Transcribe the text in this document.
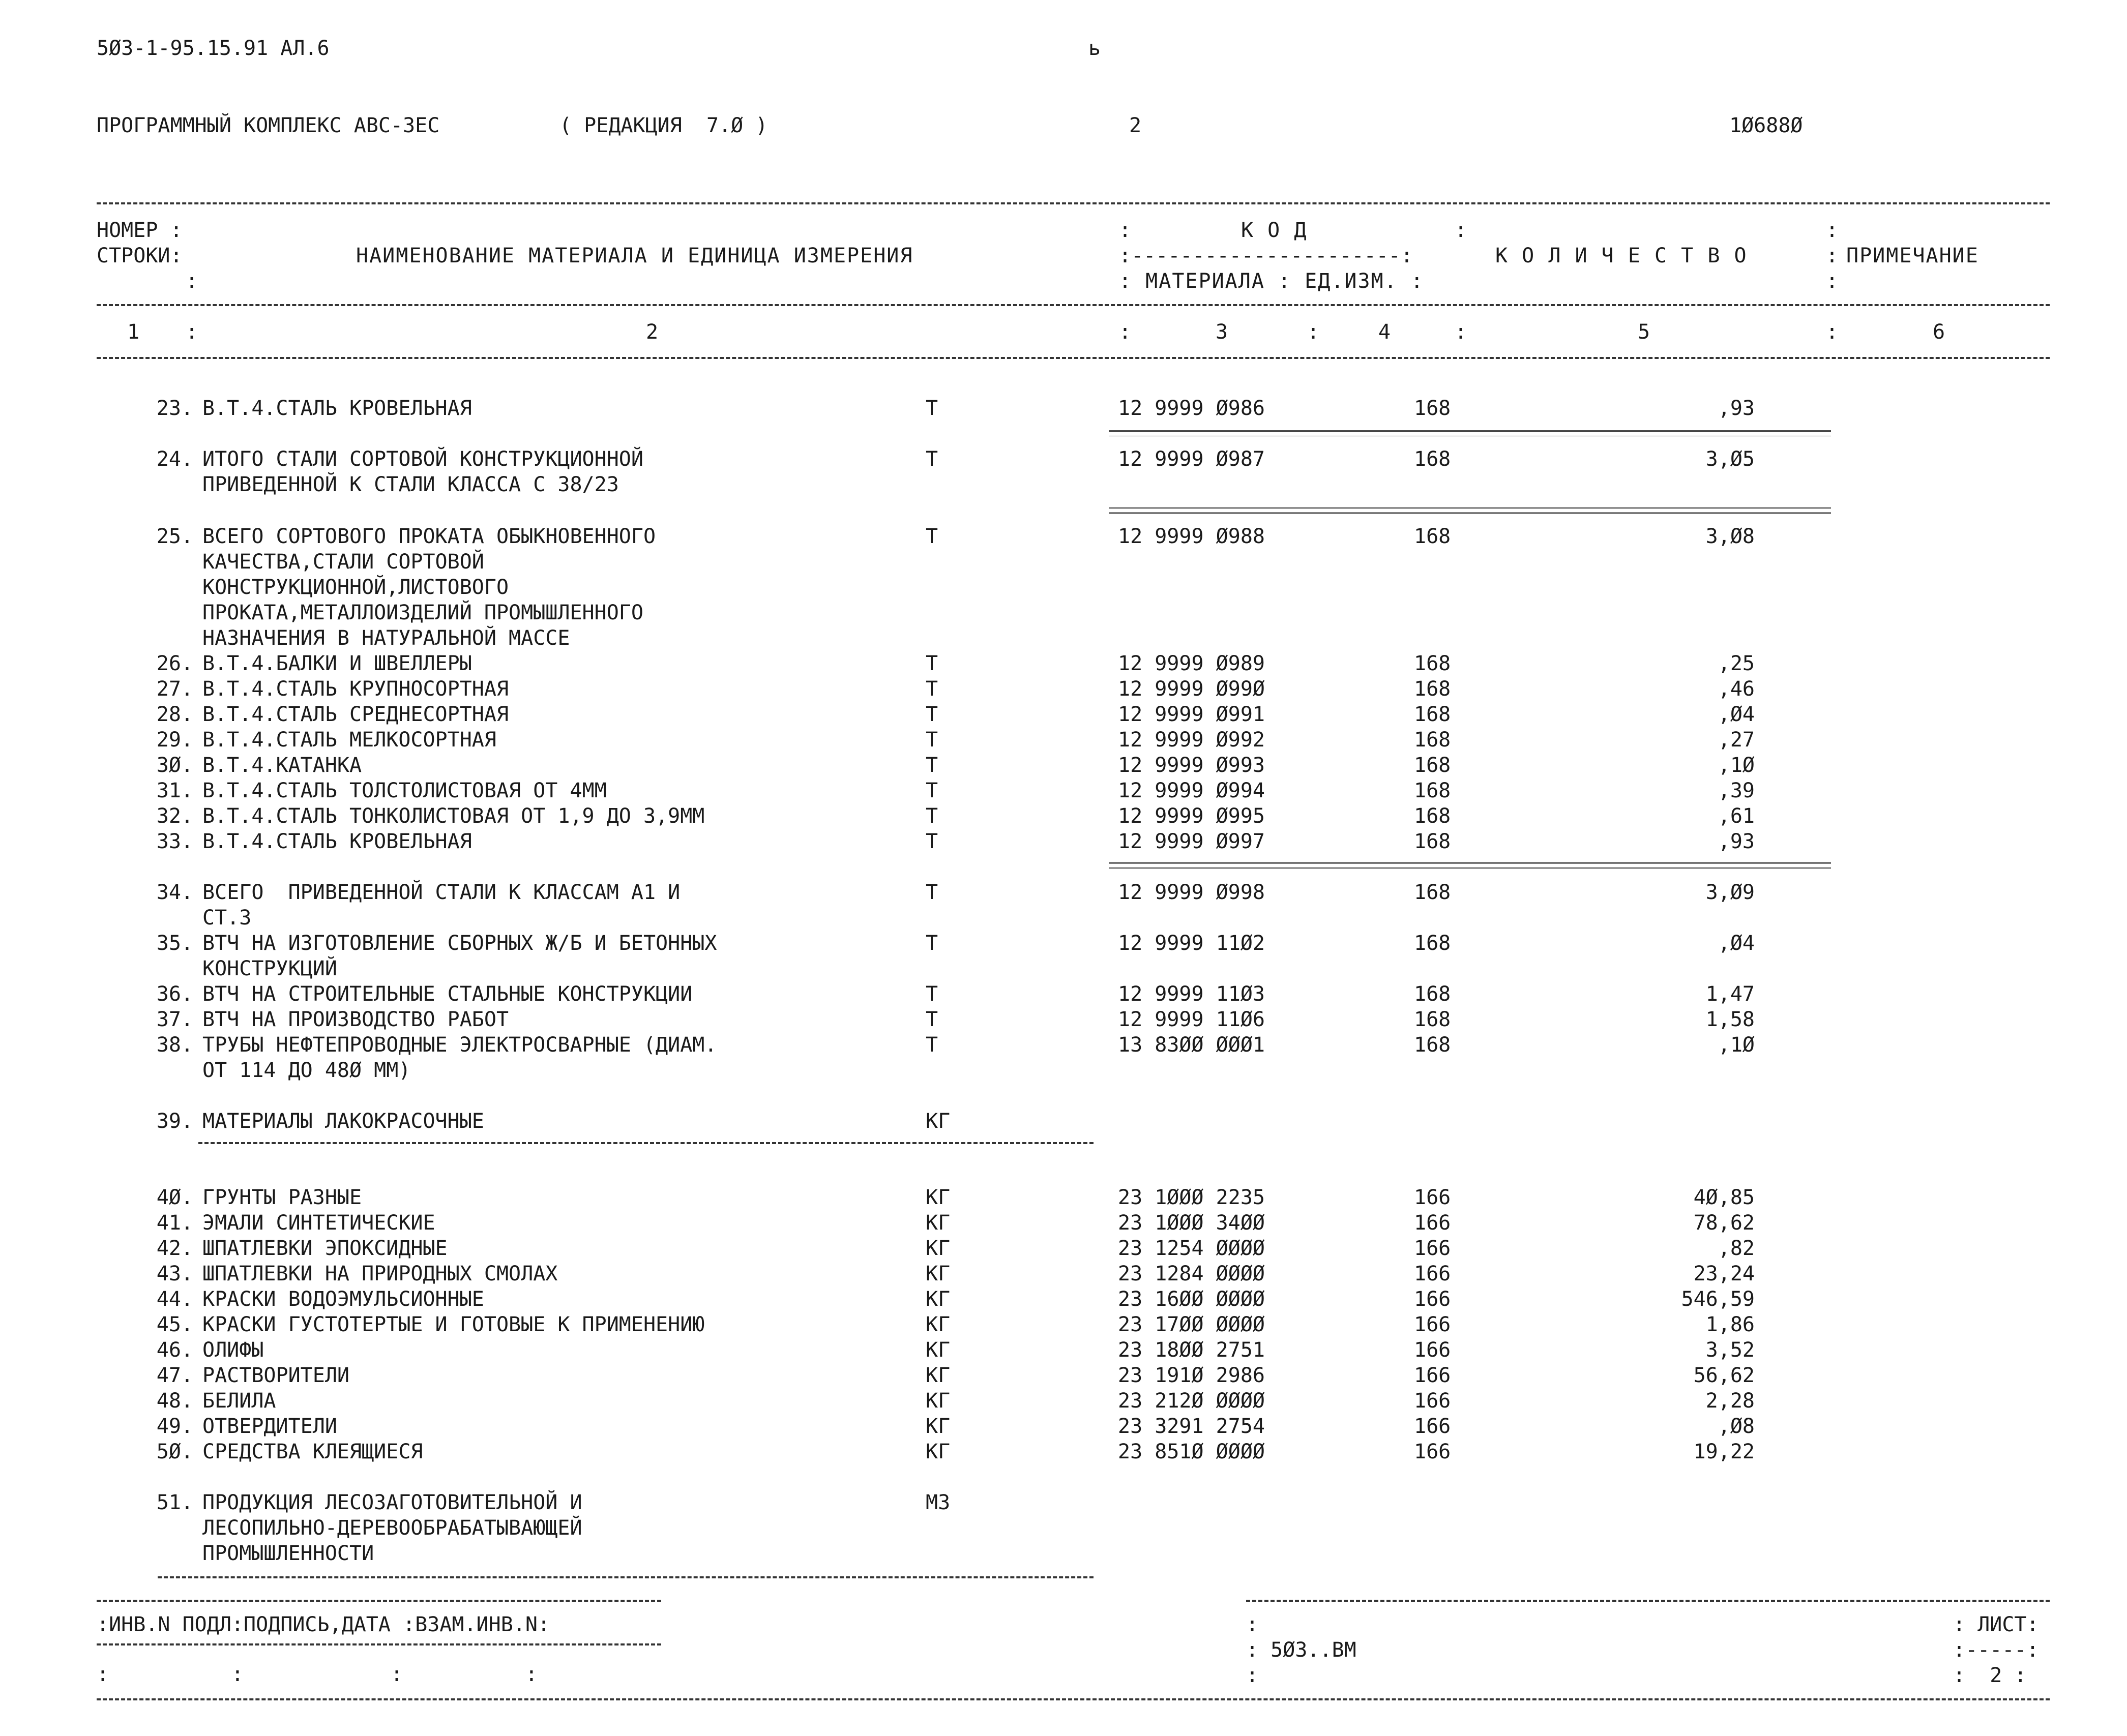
5Ø3-1-95.15.91 АЛ.6	ь
ПРОГРАММНЫЙ КОМПЛЕКС АВС-3ЕС	( РЕДАКЦИЯ  7.Ø )	2	1Ø688Ø
НОМЕР :
СТРОКИ:
:
НАИМЕНОВАНИЕ МАТЕРИАЛА И ЕДИНИЦА ИЗМЕРЕНИЯ
:	К О Д	:
:----------------------:
: МАТЕРИАЛА : ЕД.ИЗМ. :
:
:
:
К О Л И Ч Е С Т В О	ПРИМЕЧАНИЕ
1 :	2	:	3	:	4	:	5	:	6
23. В.Т.4.СТАЛЬ КРОВЕЛЬНАЯ	Т	12 9999 Ø986	168	,93
24. ИТОГО СТАЛИ СОРТОВОЙ КОНСТРУКЦИОННОЙ
ПРИВЕДЕННОЙ К СТАЛИ КЛАССА С 38/23
Т	12 9999 Ø987	168	3,Ø5
25. ВСЕГО СОРТОВОГО ПРОКАТА ОБЫКНОВЕННОГО
КАЧЕСТВА,СТАЛИ СОРТОВОЙ
КОНСТРУКЦИОННОЙ,ЛИСТОВОГО
ПРОКАТА,МЕТАЛЛОИЗДЕЛИЙ ПРОМЫШЛЕННОГО
НАЗНАЧЕНИЯ В НАТУРАЛЬНОЙ МАССЕ
Т	12 9999 Ø988	168	3,Ø8
26. В.Т.4.БАЛКИ И ШВЕЛЛЕРЫ	Т	12 9999 Ø989	168	,25
27. В.Т.4.СТАЛЬ КРУПНОСОРТНАЯ	Т	12 9999 Ø99Ø	168	,46
28. В.Т.4.СТАЛЬ СРЕДНЕСОРТНАЯ	Т	12 9999 Ø991	168	,Ø4
29. В.Т.4.СТАЛЬ МЕЛКОСОРТНАЯ	Т	12 9999 Ø992	168	,27
3Ø. В.Т.4.КАТАНКА	Т	12 9999 Ø993	168	,1Ø
31. В.Т.4.СТАЛЬ ТОЛСТОЛИСТОВАЯ ОТ 4ММ	Т	12 9999 Ø994	168	,39
32. В.Т.4.СТАЛЬ ТОНКОЛИСТОВАЯ ОТ 1,9 ДО 3,9ММ	Т	12 9999 Ø995	168	,61
33. В.Т.4.СТАЛЬ КРОВЕЛЬНАЯ	Т	12 9999 Ø997	168	,93
34. ВСЕГО  ПРИВЕДЕННОЙ СТАЛИ К КЛАССАМ А1 И
СТ.3
Т	12 9999 Ø998	168	3,Ø9
35. ВТЧ НА ИЗГОТОВЛЕНИЕ СБОРНЫХ Ж/Б И БЕТОННЫХ
КОНСТРУКЦИЙ
Т	12 9999 11Ø2	168	,Ø4
36. ВТЧ НА СТРОИТЕЛЬНЫЕ СТАЛЬНЫЕ КОНСТРУКЦИИ	Т	12 9999 11Ø3	168	1,47
37. ВТЧ НА ПРОИЗВОДСТВО РАБОТ	Т	12 9999 11Ø6	168	1,58
38. ТРУБЫ НЕФТЕПРОВОДНЫЕ ЭЛЕКТРОСВАРНЫЕ (ДИАМ.
ОТ 114 ДО 48Ø ММ)
Т	13 83ØØ ØØØ1	168	,1Ø
39. МАТЕРИАЛЫ ЛАКОКРАСОЧНЫЕ	КГ
4Ø. ГРУНТЫ РАЗНЫЕ	КГ	23 1ØØØ 2235	166	4Ø,85
41. ЭМАЛИ СИНТЕТИЧЕСКИЕ	КГ	23 1ØØØ 34ØØ	166	78,62
42. ШПАТЛЕВКИ ЭПОКСИДНЫЕ	КГ	23 1254 ØØØØ	166	,82
43. ШПАТЛЕВКИ НА ПРИРОДНЫХ СМОЛАХ	КГ	23 1284 ØØØØ	166	23,24
44. КРАСКИ ВОДОЭМУЛЬСИОННЫЕ	КГ	23 16ØØ ØØØØ	166	546,59
45. КРАСКИ ГУСТОТЕРТЫЕ И ГОТОВЫЕ К ПРИМЕНЕНИЮ	КГ	23 17ØØ ØØØØ	166	1,86
46. ОЛИФЫ	КГ	23 18ØØ 2751	166	3,52
47. РАСТВОРИТЕЛИ	КГ	23 191Ø 2986	166	56,62
48. БЕЛИЛА	КГ	23 212Ø ØØØØ	166	2,28
49. ОТВЕРДИТЕЛИ	КГ	23 3291 2754	166	,Ø8
5Ø. СРЕДСТВА КЛЕЯЩИЕСЯ	КГ	23 851Ø ØØØØ	166	19,22
51. ПРОДУКЦИЯ ЛЕСОЗАГОТОВИТЕЛЬНОЙ И
ЛЕСОПИЛЬНО-ДЕРЕВООБРАБАТЫВАЮЩЕЙ
ПРОМЫШЛЕННОСТИ
М3
:ИНВ.N ПОДЛ:ПОДПИСЬ,ДАТА :ВЗАМ.ИНВ.N:
:          :            :          :
:
: 5Ø3..ВМ
:
: ЛИСТ:
:-----:
:  2 :
